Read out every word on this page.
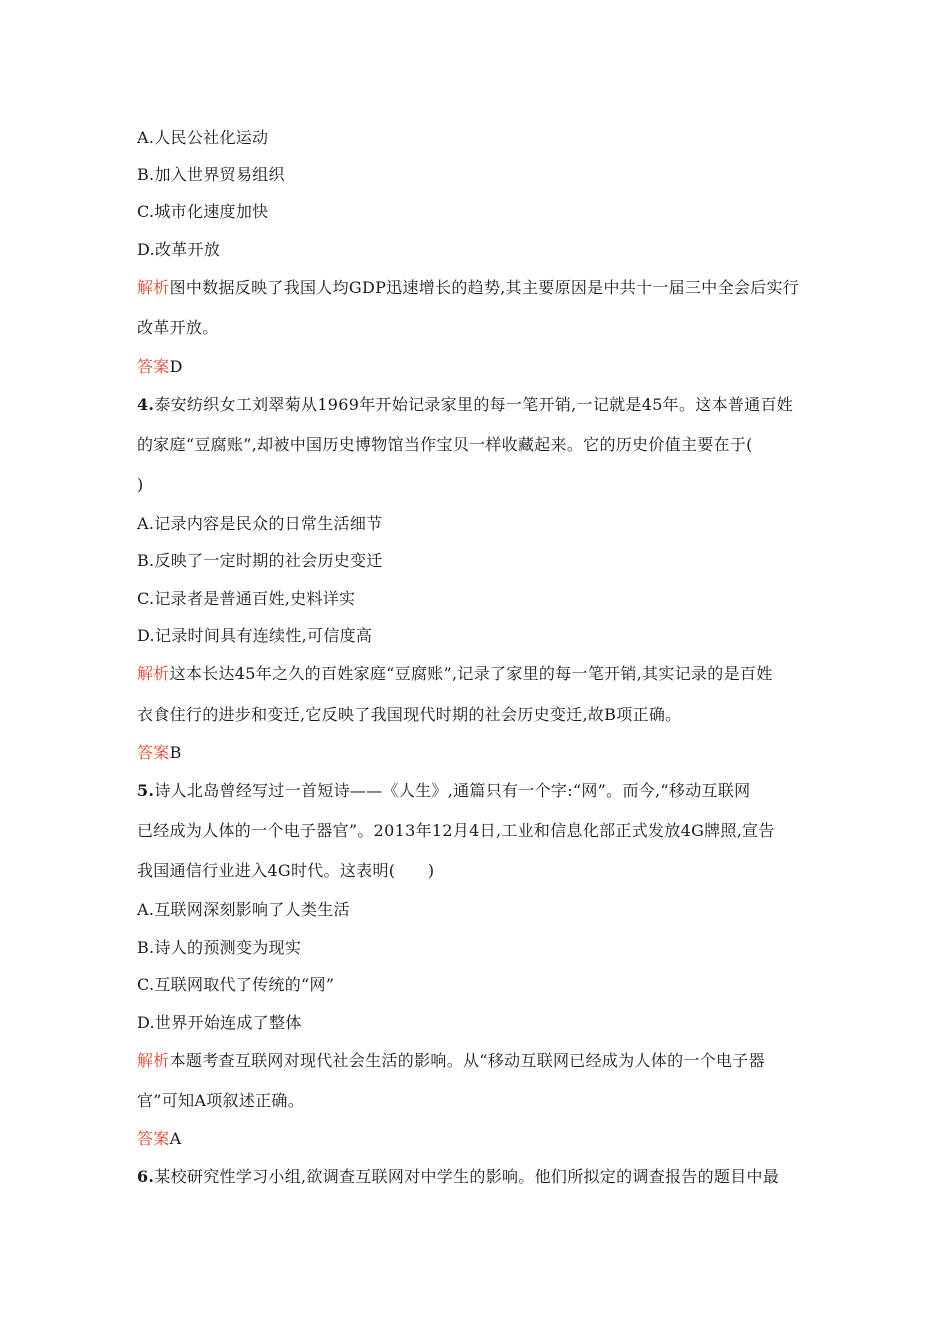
A.人民公社化运动
B.加入世界贸易组织
C.城市化速度加快
D.改革开放
解析图中数据反映了我国人均GDP迅速增长的趋势,其主要原因是中共十一届三中全会后实行
改革开放。
答案D
4.泰安纺织女工刘翠菊从1969年开始记录家里的每一笔开销,一记就是45年。这本普通百姓
的家庭“豆腐账”,却被中国历史博物馆当作宝贝一样收藏起来。它的历史价值主要在于(
)
A.记录内容是民众的日常生活细节
B.反映了一定时期的社会历史变迁
C.记录者是普通百姓,史料详实
D.记录时间具有连续性,可信度高
解析这本长达45年之久的百姓家庭“豆腐账”,记录了家里的每一笔开销,其实记录的是百姓
衣食住行的进步和变迁,它反映了我国现代时期的社会历史变迁,故B项正确。
答案B
5.诗人北岛曾经写过一首短诗——《人生》,通篇只有一个字:“网”。而今,“移动互联网
已经成为人体的一个电子器官”。2013年12月4日,工业和信息化部正式发放4G牌照,宣告
我国通信行业进入4G时代。这表明(　　)
A.互联网深刻影响了人类生活
B.诗人的预测变为现实
C.互联网取代了传统的“网”
D.世界开始连成了整体
解析本题考查互联网对现代社会生活的影响。从“移动互联网已经成为人体的一个电子器
官”可知A项叙述正确。
答案A
6.某校研究性学习小组,欲调查互联网对中学生的影响。他们所拟定的调查报告的题目中最
